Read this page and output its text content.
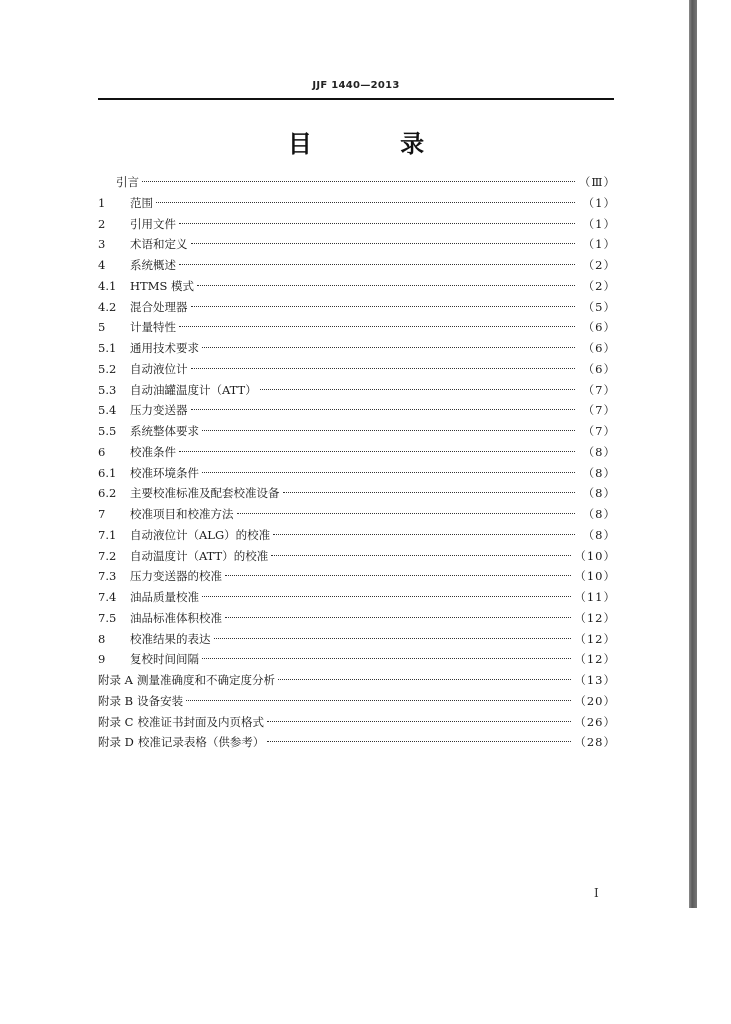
JJF 1440—2013
目 录
引言	（Ⅲ）
1	范围	（1）
2	引用文件	（1）
3	术语和定义	（1）
4	系统概述	（2）
4.1	HTMS 模式	（2）
4.2	混合处理器	（5）
5	计量特性	（6）
5.1	通用技术要求	（6）
5.2	自动液位计	（6）
5.3	自动油罐温度计（ATT）	（7）
5.4	压力变送器	（7）
5.5	系统整体要求	（7）
6	校准条件	（8）
6.1	校准环境条件	（8）
6.2	主要校准标准及配套校准设备	（8）
7	校准项目和校准方法	（8）
7.1	自动液位计（ALG）的校准	（8）
7.2	自动温度计（ATT）的校准	（10）
7.3	压力变送器的校准	（10）
7.4	油品质量校准	（11）
7.5	油品标准体积校准	（12）
8	校准结果的表达	（12）
9	复校时间间隔	（12）
附录 A 测量准确度和不确定度分析	（13）
附录 B 设备安装	（20）
附录 C 校准证书封面及内页格式	（26）
附录 D 校准记录表格（供参考）	（28）
I
